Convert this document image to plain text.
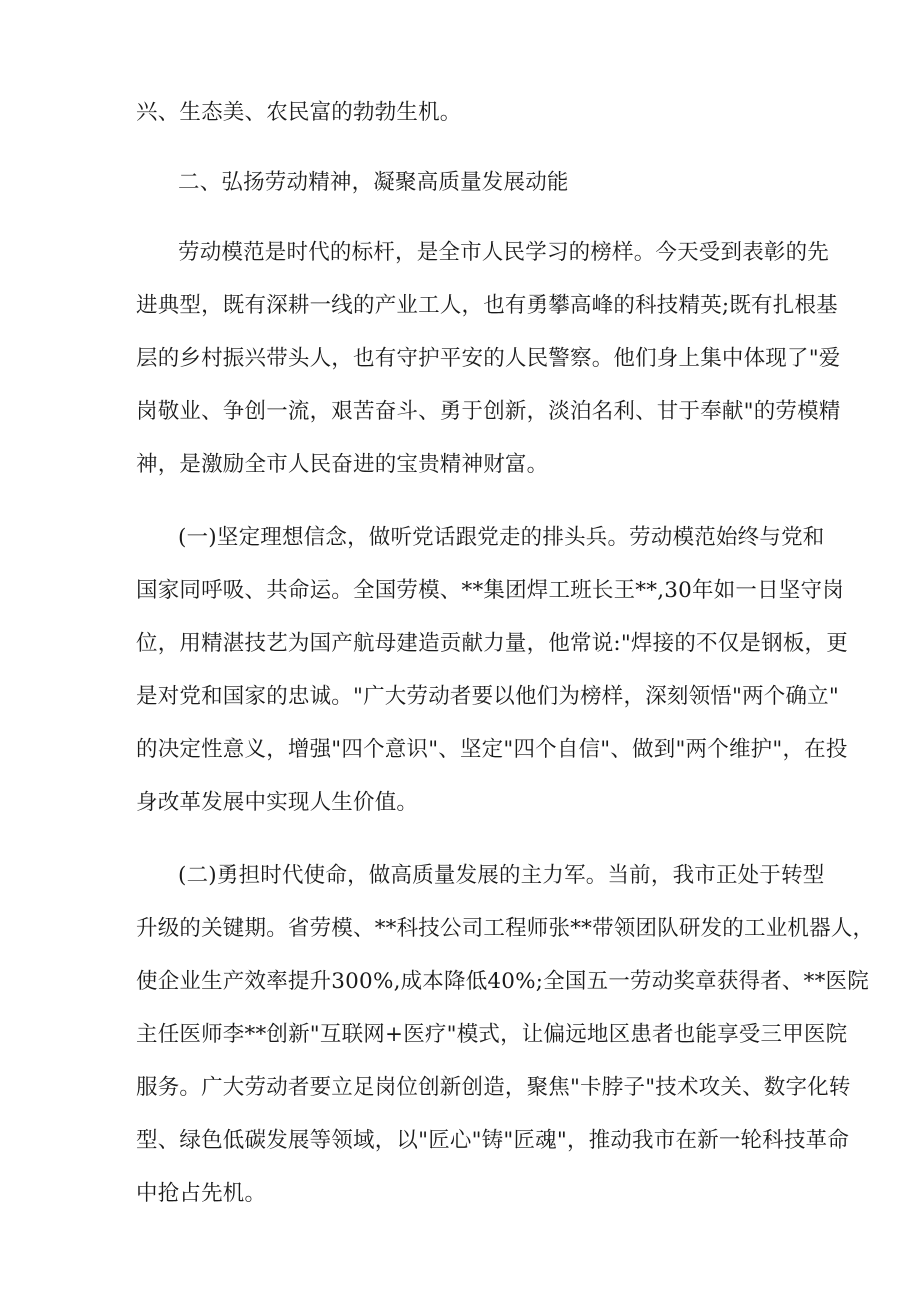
兴、生态美、农民富的勃勃生机。
二、弘扬劳动精神，凝聚高质量发展动能
劳动模范是时代的标杆，是全市人民学习的榜样。今天受到表彰的先
进典型，既有深耕一线的产业工人，也有勇攀高峰的科技精英;既有扎根基
层的乡村振兴带头人，也有守护平安的人民警察。他们身上集中体现了"爱
岗敬业、争创一流，艰苦奋斗、勇于创新，淡泊名利、甘于奉献"的劳模精
神，是激励全市人民奋进的宝贵精神财富。
(一)坚定理想信念，做听党话跟党走的排头兵。劳动模范始终与党和
国家同呼吸、共命运。全国劳模、**集团焊工班长王**,30年如一日坚守岗
位，用精湛技艺为国产航母建造贡献力量，他常说:"焊接的不仅是钢板，更
是对党和国家的忠诚。"广大劳动者要以他们为榜样，深刻领悟"两个确立"
的决定性意义，增强"四个意识"、坚定"四个自信"、做到"两个维护"，在投
身改革发展中实现人生价值。
(二)勇担时代使命，做高质量发展的主力军。当前，我市正处于转型
升级的关键期。省劳模、**科技公司工程师张**带领团队研发的工业机器人，
使企业生产效率提升300%,成本降低40%;全国五一劳动奖章获得者、**医院
主任医师李**创新"互联网+医疗"模式，让偏远地区患者也能享受三甲医院
服务。广大劳动者要立足岗位创新创造，聚焦"卡脖子"技术攻关、数字化转
型、绿色低碳发展等领域，以"匠心"铸"匠魂"，推动我市在新一轮科技革命
中抢占先机。
